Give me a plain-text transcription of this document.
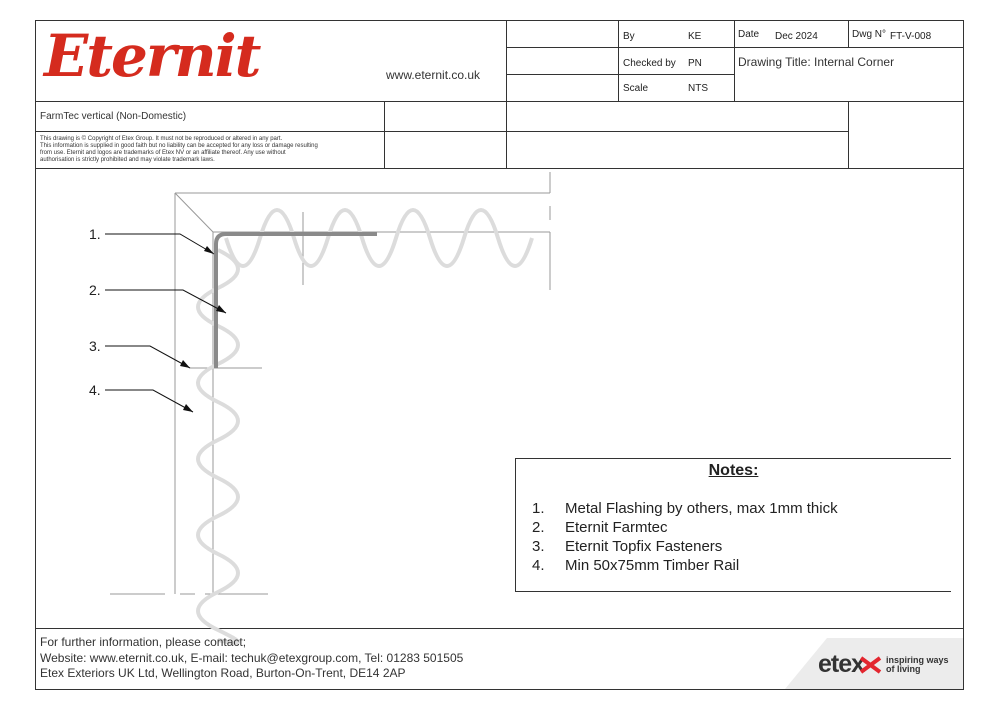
Eternit	www.eternit.co.uk
By	KE
Checked by PN
Scale	NTS
Date Dec 2024	Dwg N° FT-V-008
Drawing Title: Internal Corner
FarmTec vertical (Non-Domestic)
This drawing is © Copyright of Etex Group. It must not be reproduced or altered in any part.
This information is supplied in good faith but no liability can be accepted for any loss or damage resulting
from use. Eternit and logos are trademarks of Etex NV or an affiliate thereof. Any use without
authorisation is strictly prohibited and may violate trademark laws.
1.
2.
3.
4.
Notes:
1. Metal Flashing by others, max 1mm thick
2. Eternit Farmtec
3. Eternit Topfix Fasteners
4. Min 50x75mm Timber Rail
For further information, please contact;
Website: www.eternit.co.uk, E-mail: techuk@etexgroup.com, Tel: 01283 501505
Etex Exteriors UK Ltd, Wellington Road, Burton-On-Trent, DE14 2AP	etex inspiring ways
of living
